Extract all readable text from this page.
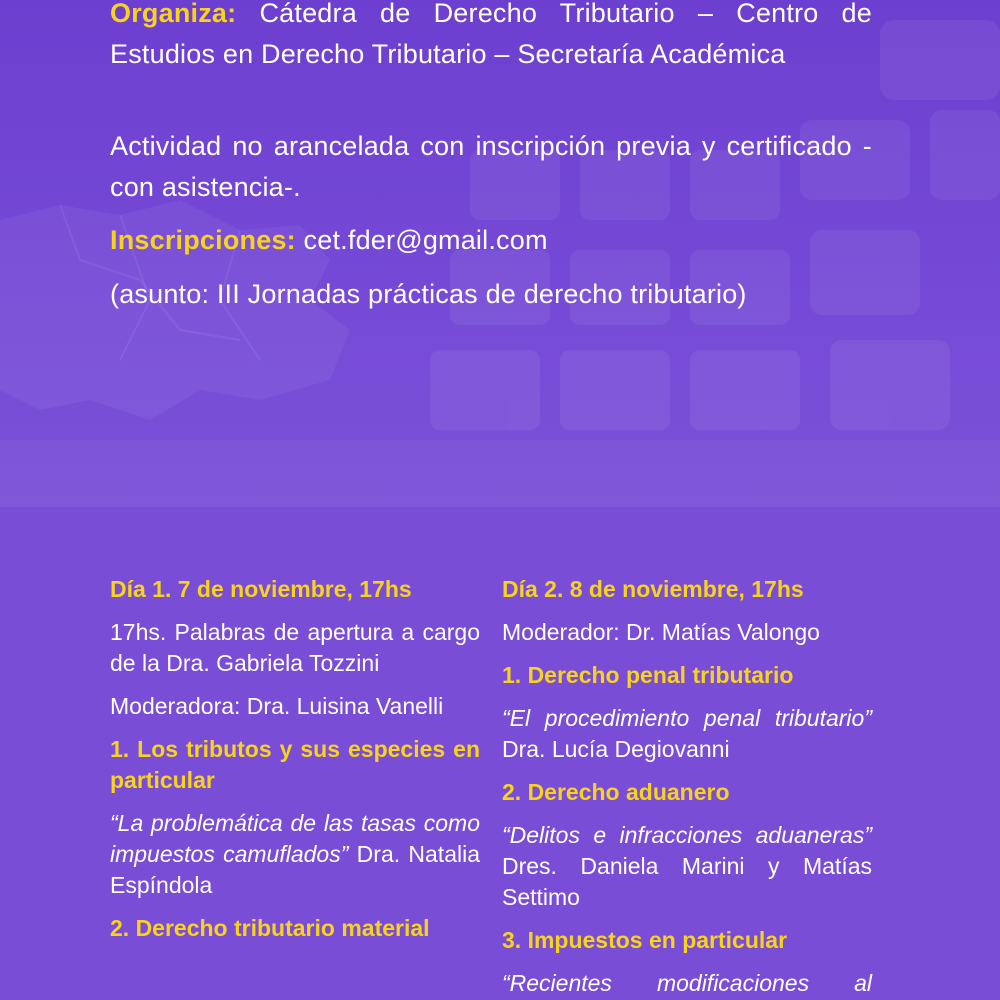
Organiza: Cátedra de Derecho Tributario – Centro de Estudios en Derecho Tributario – Secretaría Académica
Actividad no arancelada con inscripción previa y certificado -con asistencia-.
Inscripciones: cet.fder@gmail.com
(asunto: III Jornadas prácticas de derecho tributario)

Día 1. 7 de noviembre, 17hs

17hs. Palabras de apertura a cargo de la Dra. Gabriela Tozzini

Moderadora: Dra. Luisina Vanelli

1. Los tributos y sus especies en particular

“La problemática de las tasas como impuestos camuflados” Dra. Natalia Espíndola

2. Derecho tributario material

Día 2. 8 de noviembre, 17hs

Moderador: Dr. Matías Valongo

1. Derecho penal tributario

“El procedimiento penal tributario” Dra. Lucía Degiovanni

2. Derecho aduanero

“Delitos e infracciones aduaneras” Dres. Daniela Marini y Matías Settimo

3. Impuestos en particular

“Recientes modificaciones al
